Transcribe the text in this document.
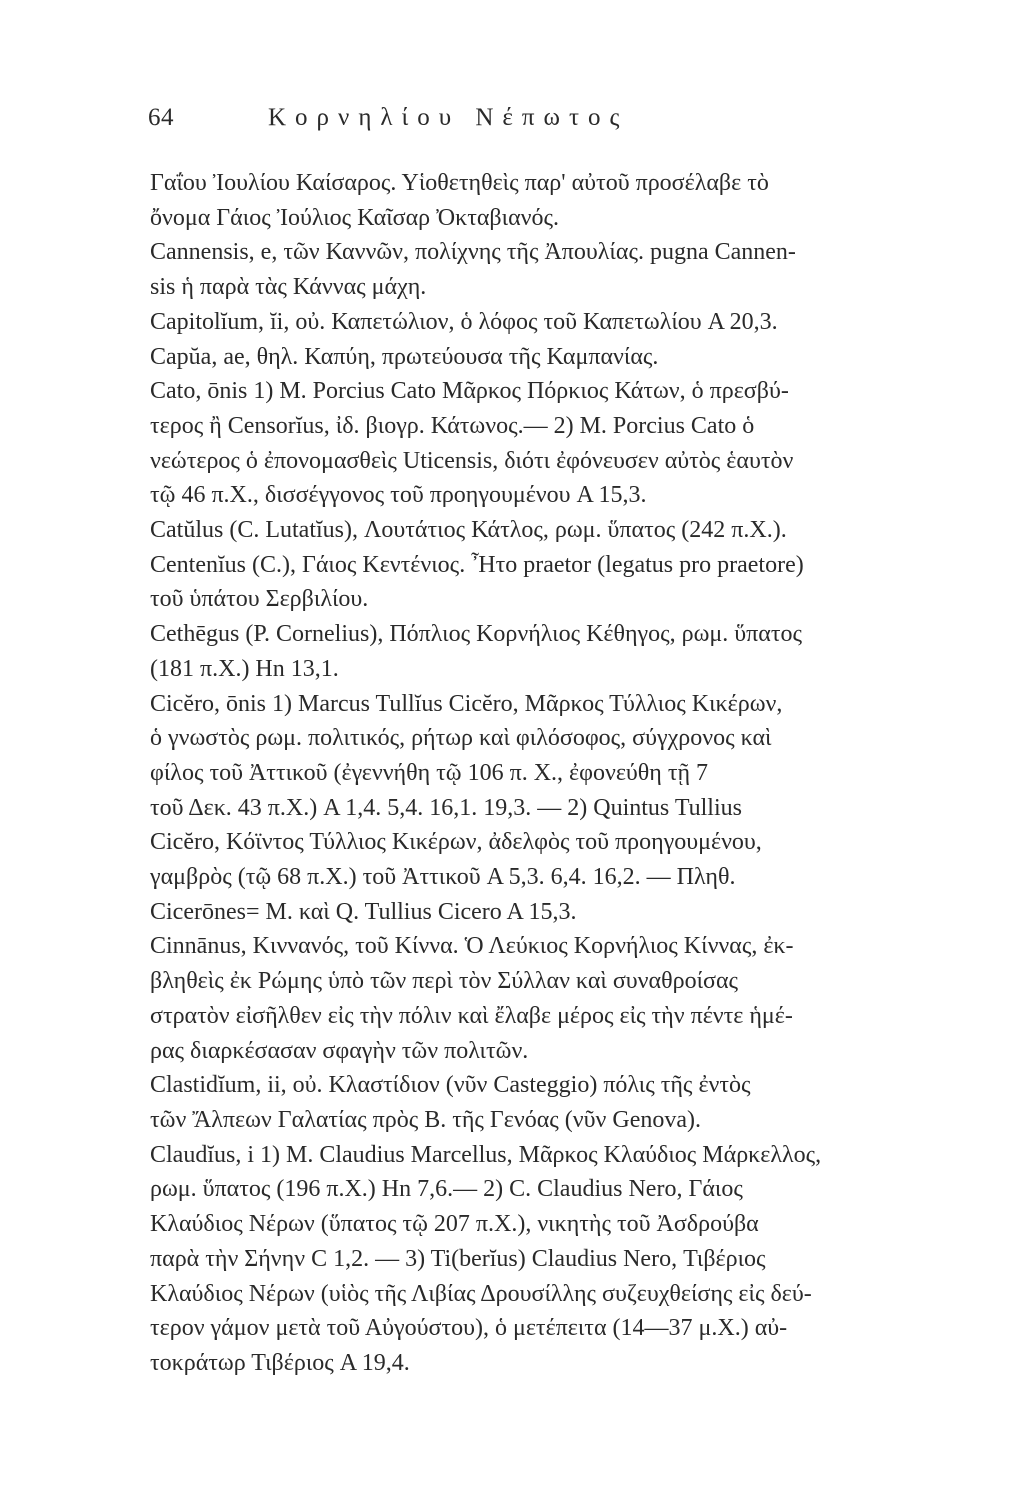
64	Κορνηλίου Νέπωτος
Γαΐου Ἰουλίου Καίσαρος. Υἱοθετηθεὶς παρ' αὐτοῦ προσέλαβε τὸ
ὄνομα Γάιος Ἰούλιος Καῖσαρ Ὀκταβιανός.
Cannensis, e, τῶν Καννῶν, πολίχνης τῆς Ἀπουλίας. pugna Cannen-
sis ἡ παρὰ τὰς Κάννας μάχη.
Capitolĭum, ĭi, οὐ. Καπετώλιον, ὁ λόφος τοῦ Καπετωλίου A 20,3.
Capŭa, ae, θηλ. Καπύη, πρωτεύουσα τῆς Καμπανίας.
Cato, ōnis 1) M. Porcius Cato Μᾶρκος Πόρκιος Κάτων, ὁ πρεσβύ-
τερος ἢ Censorĭus, ἰδ. βιογρ. Κάτωνος.— 2) M. Porcius Cato ὁ
νεώτερος ὁ ἐπονομασθεὶς Uticensis, διότι ἐφόνευσεν αὐτὸς ἑαυτὸν
τῷ 46 π.Χ., δισσέγγονος τοῦ προηγουμένου A 15,3.
Catŭlus (C. Lutatĭus), Λουτάτιος Κάτλος, ρωμ. ὕπατος (242 π.Χ.).
Centenĭus (C.), Γάιος Κεντένιος. Ἦτο praetor (legatus pro praetore)
τοῦ ὑπάτου Σερβιλίου.
Cethēgus (P. Cornelius), Πόπλιος Κορνήλιος Κέθηγος, ρωμ. ὕπατος
(181 π.Χ.) Hn 13,1.
Cicĕro, ōnis 1) Marcus Tullĭus Cicĕro, Μᾶρκος Τύλλιος Κικέρων,
ὁ γνωστὸς ρωμ. πολιτικός, ρήτωρ καὶ φιλόσοφος, σύγχρονος καὶ
φίλος τοῦ Ἀττικοῦ (ἐγεννήθη τῷ 106 π. Χ., ἐφονεύθη τῇ 7
τοῦ Δεκ. 43 π.Χ.) A 1,4. 5,4. 16,1. 19,3. — 2) Quintus Tullius
Cicĕro, Κόϊντος Τύλλιος Κικέρων, ἀδελφὸς τοῦ προηγουμένου,
γαμβρὸς (τῷ 68 π.Χ.) τοῦ Ἀττικοῦ A 5,3. 6,4. 16,2. — Πληθ.
Cicerōnes= M. καὶ Q. Tullius Cicero A 15,3.
Cinnānus, Κιννανός, τοῦ Κίννα. Ὁ Λεύκιος Κορνήλιος Κίννας, ἐκ-
βληθεὶς ἐκ Ρώμης ὑπὸ τῶν περὶ τὸν Σύλλαν καὶ συναθροίσας
στρατὸν εἰσῆλθεν εἰς τὴν πόλιν καὶ ἔλαβε μέρος εἰς τὴν πέντε ἡμέ-
ρας διαρκέσασαν σφαγὴν τῶν πολιτῶν.
Clastidĭum, ii, οὐ. Κλαστίδιον (νῦν Casteggio) πόλις τῆς ἐντὸς
τῶν Ἄλπεων Γαλατίας πρὸς B. τῆς Γενόας (νῦν Genova).
Claudĭus, i 1) M. Claudius Marcellus, Μᾶρκος Κλαύδιος Μάρκελλος,
ρωμ. ὕπατος (196 π.Χ.) Hn 7,6.— 2) C. Claudius Nero, Γάιος
Κλαύδιος Νέρων (ὕπατος τῷ 207 π.Χ.), νικητὴς τοῦ Ἀσδρούβα
παρὰ τὴν Σήνην C 1,2. — 3) Ti(berĭus) Claudius Nero, Τιβέριος
Κλαύδιος Νέρων (υἱὸς τῆς Λιβίας Δρουσίλλης συζευχθείσης εἰς δεύ-
τερον γάμον μετὰ τοῦ Αὐγούστου), ὁ μετέπειτα (14—37 μ.Χ.) αὐ-
τοκράτωρ Τιβέριος A 19,4.
